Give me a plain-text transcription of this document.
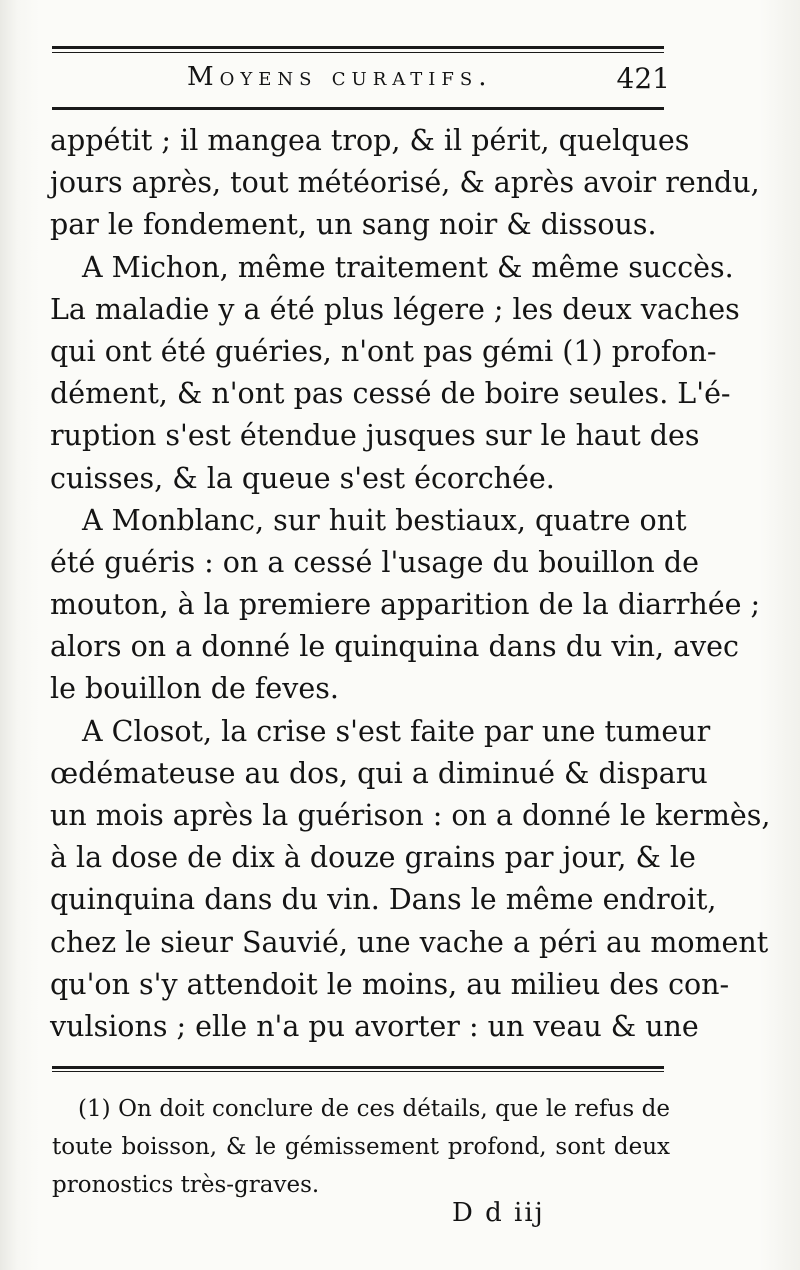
Moyens curatifs.	421
appétit ; il mangea trop, & il périt, quelques
jours après, tout météorisé, & après avoir rendu,
par le fondement, un sang noir & dissous.
A Michon, même traitement & même succès.
La maladie y a été plus légere ; les deux vaches
qui ont été guéries, n'ont pas gémi (1) profon-
dément, & n'ont pas cessé de boire seules. L'é-
ruption s'est étendue jusques sur le haut des
cuisses, & la queue s'est écorchée.
A Monblanc, sur huit bestiaux, quatre ont
été guéris : on a cessé l'usage du bouillon de
mouton, à la premiere apparition de la diarrhée ;
alors on a donné le quinquina dans du vin, avec
le bouillon de feves.
A Closot, la crise s'est faite par une tumeur
œdémateuse au dos, qui a diminué & disparu
un mois après la guérison : on a donné le kermès,
à la dose de dix à douze grains par jour, & le
quinquina dans du vin. Dans le même endroit,
chez le sieur Sauvié, une vache a péri au moment
qu'on s'y attendoit le moins, au milieu des con-
vulsions ; elle n'a pu avorter : un veau & une
(1) On doit conclure de ces détails, que le refus de
toute boisson, & le gémissement profond, sont deux
pronostics très-graves.
D d iij
